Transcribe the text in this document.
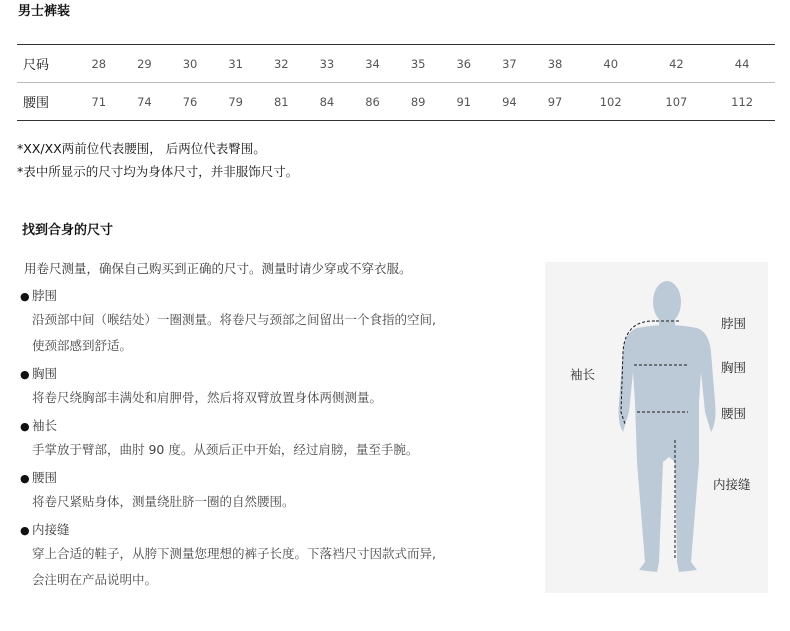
男士裤装
尺码	28	29	30	31	32	33	34	35	36	37	38	40	42	44
腰围	71	74	76	79	81	84	86	89	91	94	97	102	107	112
*XX/XX两前位代表腰围， 后两位代表臀围。
*表中所显示的尺寸均为身体尺寸，并非服饰尺寸。
找到合身的尺寸
用卷尺测量，确保自己购买到正确的尺寸。测量时请少穿或不穿衣服。
● 脖围
沿颈部中间（喉结处）一圈测量。将卷尺与颈部之间留出一个食指的空间,
使颈部感到舒适。
● 胸围
将卷尺绕胸部丰满处和肩胛骨，然后将双臂放置身体两侧测量。
● 袖长
手掌放于臂部，曲肘 90 度。从颈后正中开始，经过肩膀，量至手腕。
● 腰围
将卷尺紧贴身体，测量绕肚脐一圈的自然腰围。
● 内接缝
穿上合适的鞋子，从胯下测量您理想的裤子长度。下落裆尺寸因款式而异,
会注明在产品说明中。
脖围
胸围
袖长
腰围
内接缝
